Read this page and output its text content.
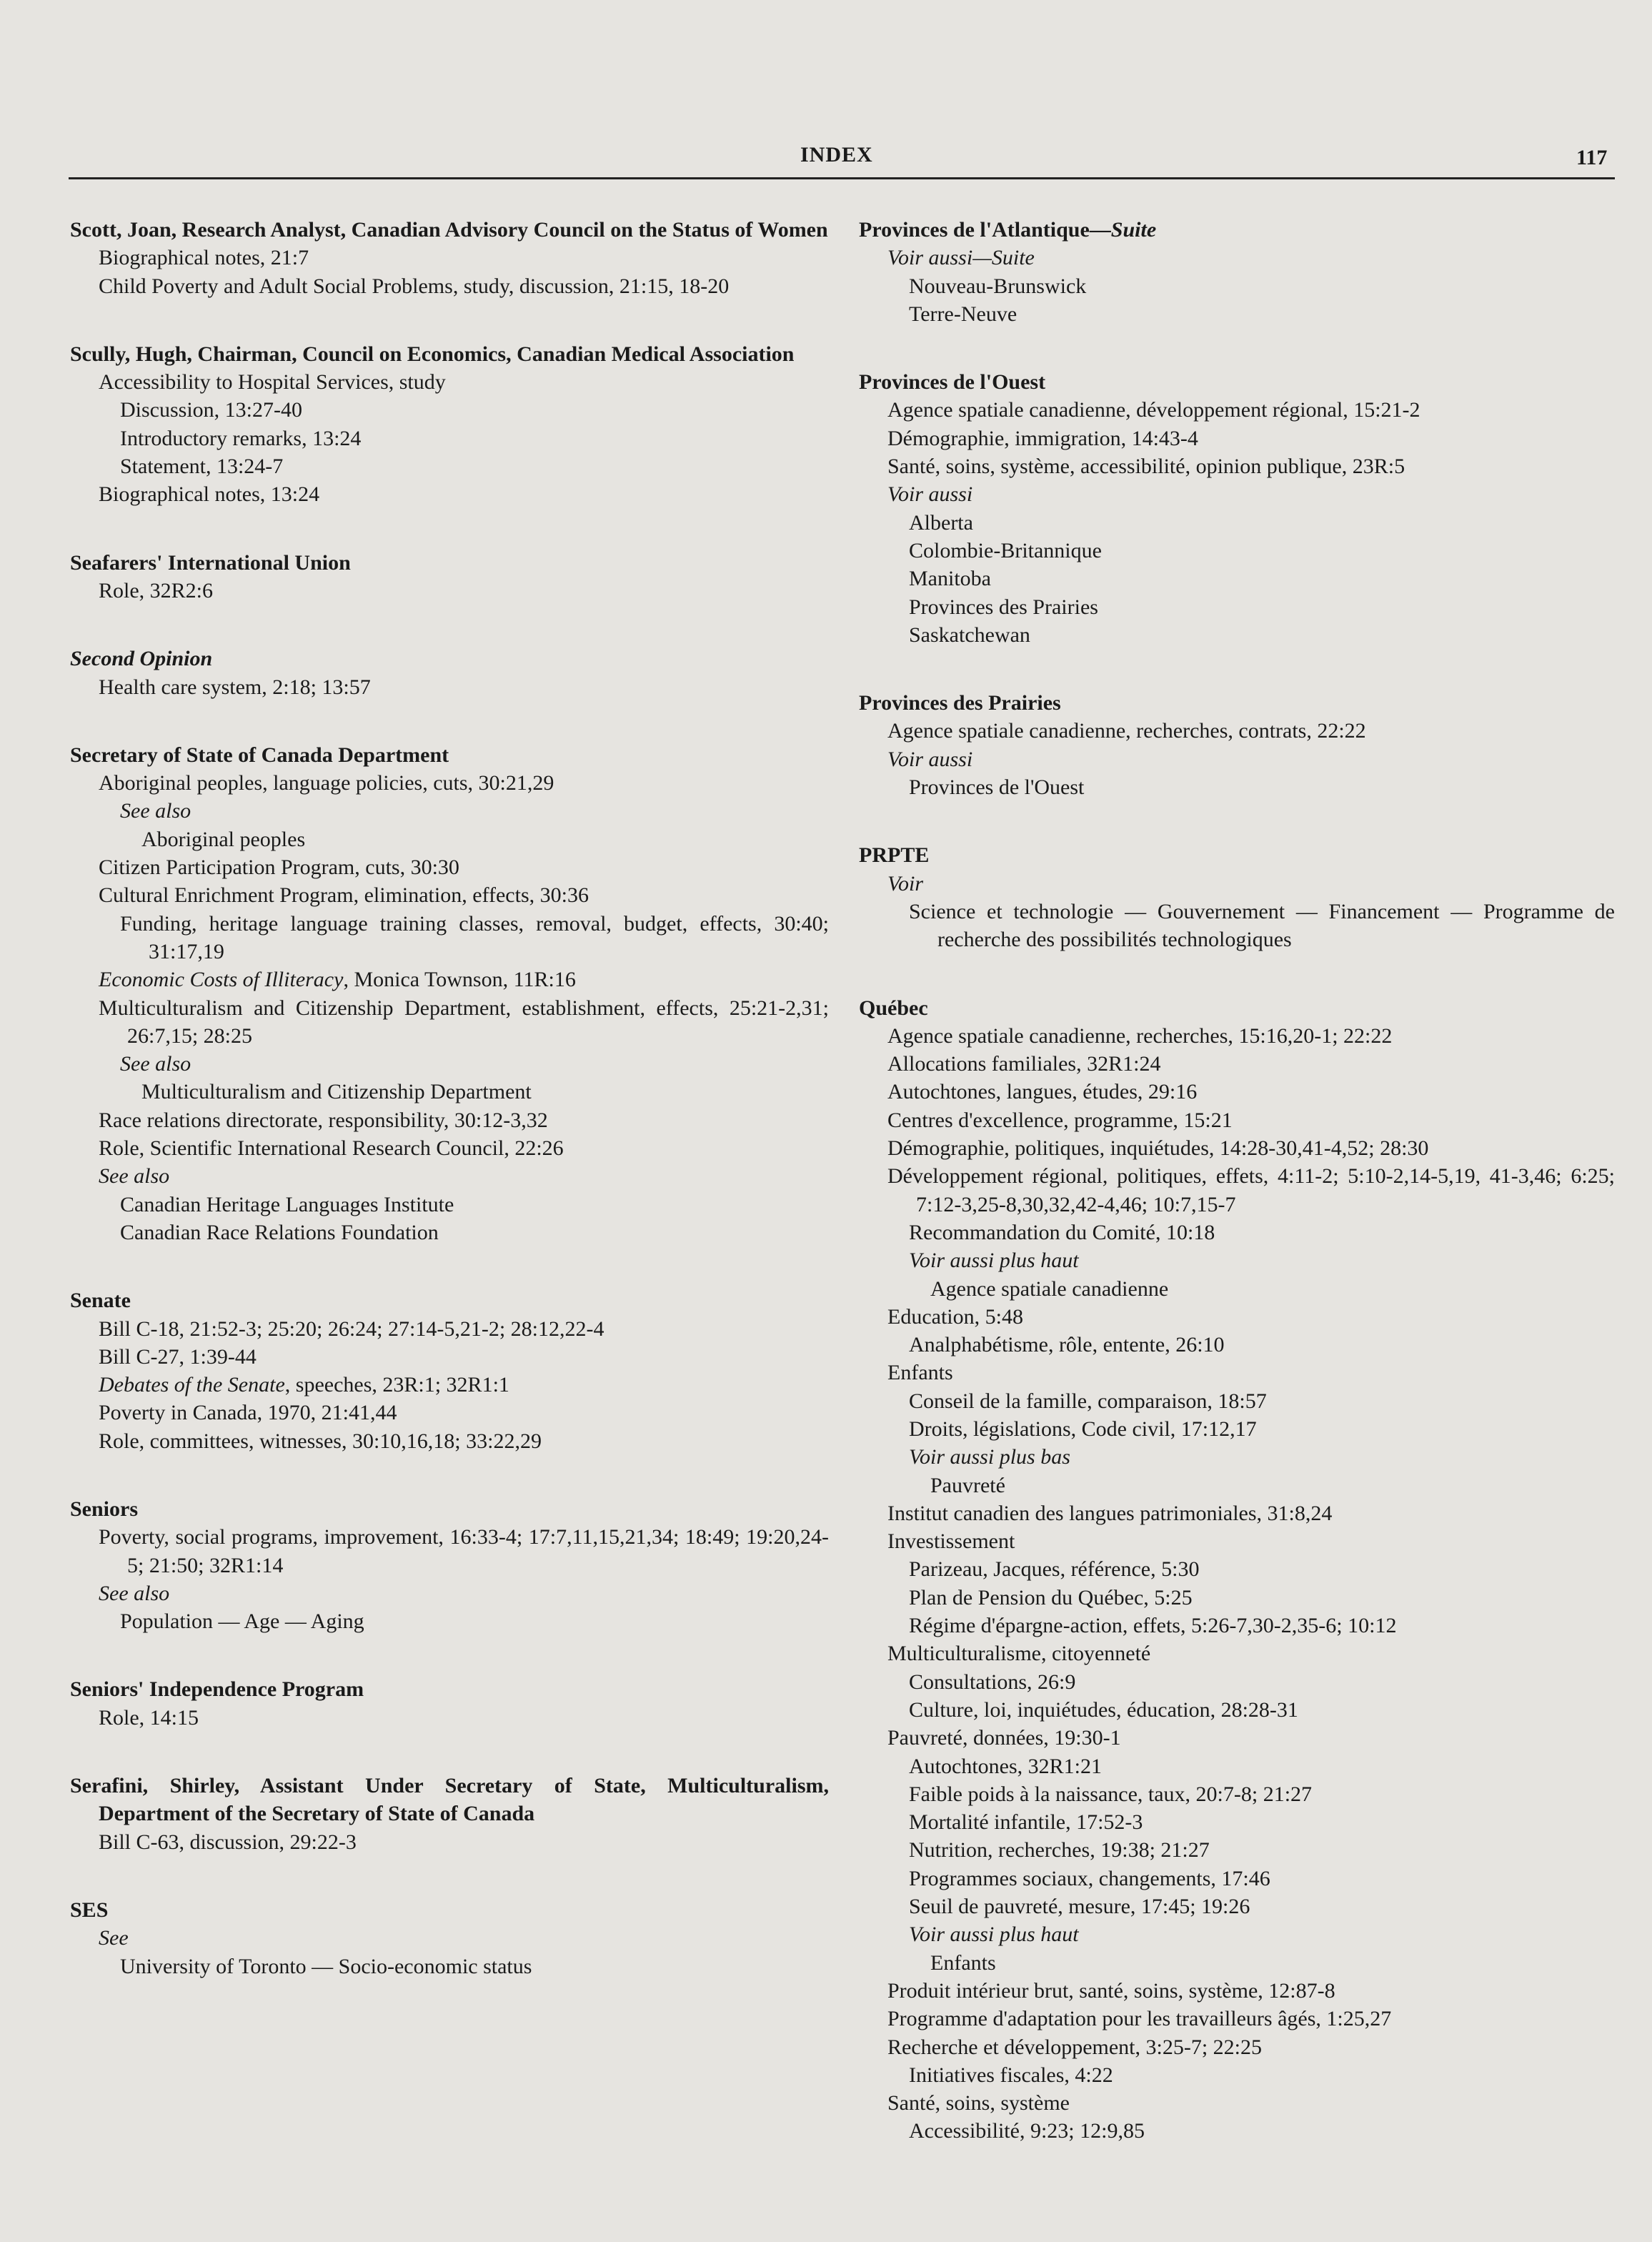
INDEX	117
Scott, Joan, Research Analyst, Canadian Advisory Council on the Status of Women
Biographical notes, 21:7
Child Poverty and Adult Social Problems, study, discussion, 21:15, 18-20
Scully, Hugh, Chairman, Council on Economics, Canadian Medical Association
Accessibility to Hospital Services, study
Discussion, 13:27-40
Introductory remarks, 13:24
Statement, 13:24-7
Biographical notes, 13:24
Seafarers' International Union
Role, 32R2:6
Second Opinion
Health care system, 2:18; 13:57
Secretary of State of Canada Department
Aboriginal peoples, language policies, cuts, 30:21,29
See also
Aboriginal peoples
Citizen Participation Program, cuts, 30:30
Cultural Enrichment Program, elimination, effects, 30:36
Funding, heritage language training classes, removal, budget, effects, 30:40; 31:17,19
Economic Costs of Illiteracy, Monica Townson, 11R:16
Multiculturalism and Citizenship Department, establishment, effects, 25:21-2,31; 26:7,15; 28:25
See also
Multiculturalism and Citizenship Department
Race relations directorate, responsibility, 30:12-3,32
Role, Scientific International Research Council, 22:26
See also
Canadian Heritage Languages Institute
Canadian Race Relations Foundation
Senate
Bill C-18, 21:52-3; 25:20; 26:24; 27:14-5,21-2; 28:12,22-4
Bill C-27, 1:39-44
Debates of the Senate, speeches, 23R:1; 32R1:1
Poverty in Canada, 1970, 21:41,44
Role, committees, witnesses, 30:10,16,18; 33:22,29
Seniors
Poverty, social programs, improvement, 16:33-4; 17:7,11,15,21,34; 18:49; 19:20,24-5; 21:50; 32R1:14
See also
Population — Age — Aging
Seniors' Independence Program
Role, 14:15
Serafini, Shirley, Assistant Under Secretary of State, Multiculturalism, Department of the Secretary of State of Canada
Bill C-63, discussion, 29:22-3
SES
See
University of Toronto — Socio-economic status
Provinces de l'Atlantique—Suite
Voir aussi—Suite
Nouveau-Brunswick
Terre-Neuve
Provinces de l'Ouest
Agence spatiale canadienne, développement régional, 15:21-2
Démographie, immigration, 14:43-4
Santé, soins, système, accessibilité, opinion publique, 23R:5
Voir aussi
Alberta
Colombie-Britannique
Manitoba
Provinces des Prairies
Saskatchewan
Provinces des Prairies
Agence spatiale canadienne, recherches, contrats, 22:22
Voir aussi
Provinces de l'Ouest
PRPTE
Voir
Science et technologie — Gouvernement — Financement — Programme de recherche des possibilités technologiques
Québec
Agence spatiale canadienne, recherches, 15:16,20-1; 22:22
Allocations familiales, 32R1:24
Autochtones, langues, études, 29:16
Centres d'excellence, programme, 15:21
Démographie, politiques, inquiétudes, 14:28-30,41-4,52; 28:30
Développement régional, politiques, effets, 4:11-2; 5:10-2,14-5,19, 41-3,46; 6:25; 7:12-3,25-8,30,32,42-4,46; 10:7,15-7
Recommandation du Comité, 10:18
Voir aussi plus haut
Agence spatiale canadienne
Education, 5:48
Analphabétisme, rôle, entente, 26:10
Enfants
Conseil de la famille, comparaison, 18:57
Droits, législations, Code civil, 17:12,17
Voir aussi plus bas
Pauvreté
Institut canadien des langues patrimoniales, 31:8,24
Investissement
Parizeau, Jacques, référence, 5:30
Plan de Pension du Québec, 5:25
Régime d'épargne-action, effets, 5:26-7,30-2,35-6; 10:12
Multiculturalisme, citoyenneté
Consultations, 26:9
Culture, loi, inquiétudes, éducation, 28:28-31
Pauvreté, données, 19:30-1
Autochtones, 32R1:21
Faible poids à la naissance, taux, 20:7-8; 21:27
Mortalité infantile, 17:52-3
Nutrition, recherches, 19:38; 21:27
Programmes sociaux, changements, 17:46
Seuil de pauvreté, mesure, 17:45; 19:26
Voir aussi plus haut
Enfants
Produit intérieur brut, santé, soins, système, 12:87-8
Programme d'adaptation pour les travailleurs âgés, 1:25,27
Recherche et développement, 3:25-7; 22:25
Initiatives fiscales, 4:22
Santé, soins, système
Accessibilité, 9:23; 12:9,85
